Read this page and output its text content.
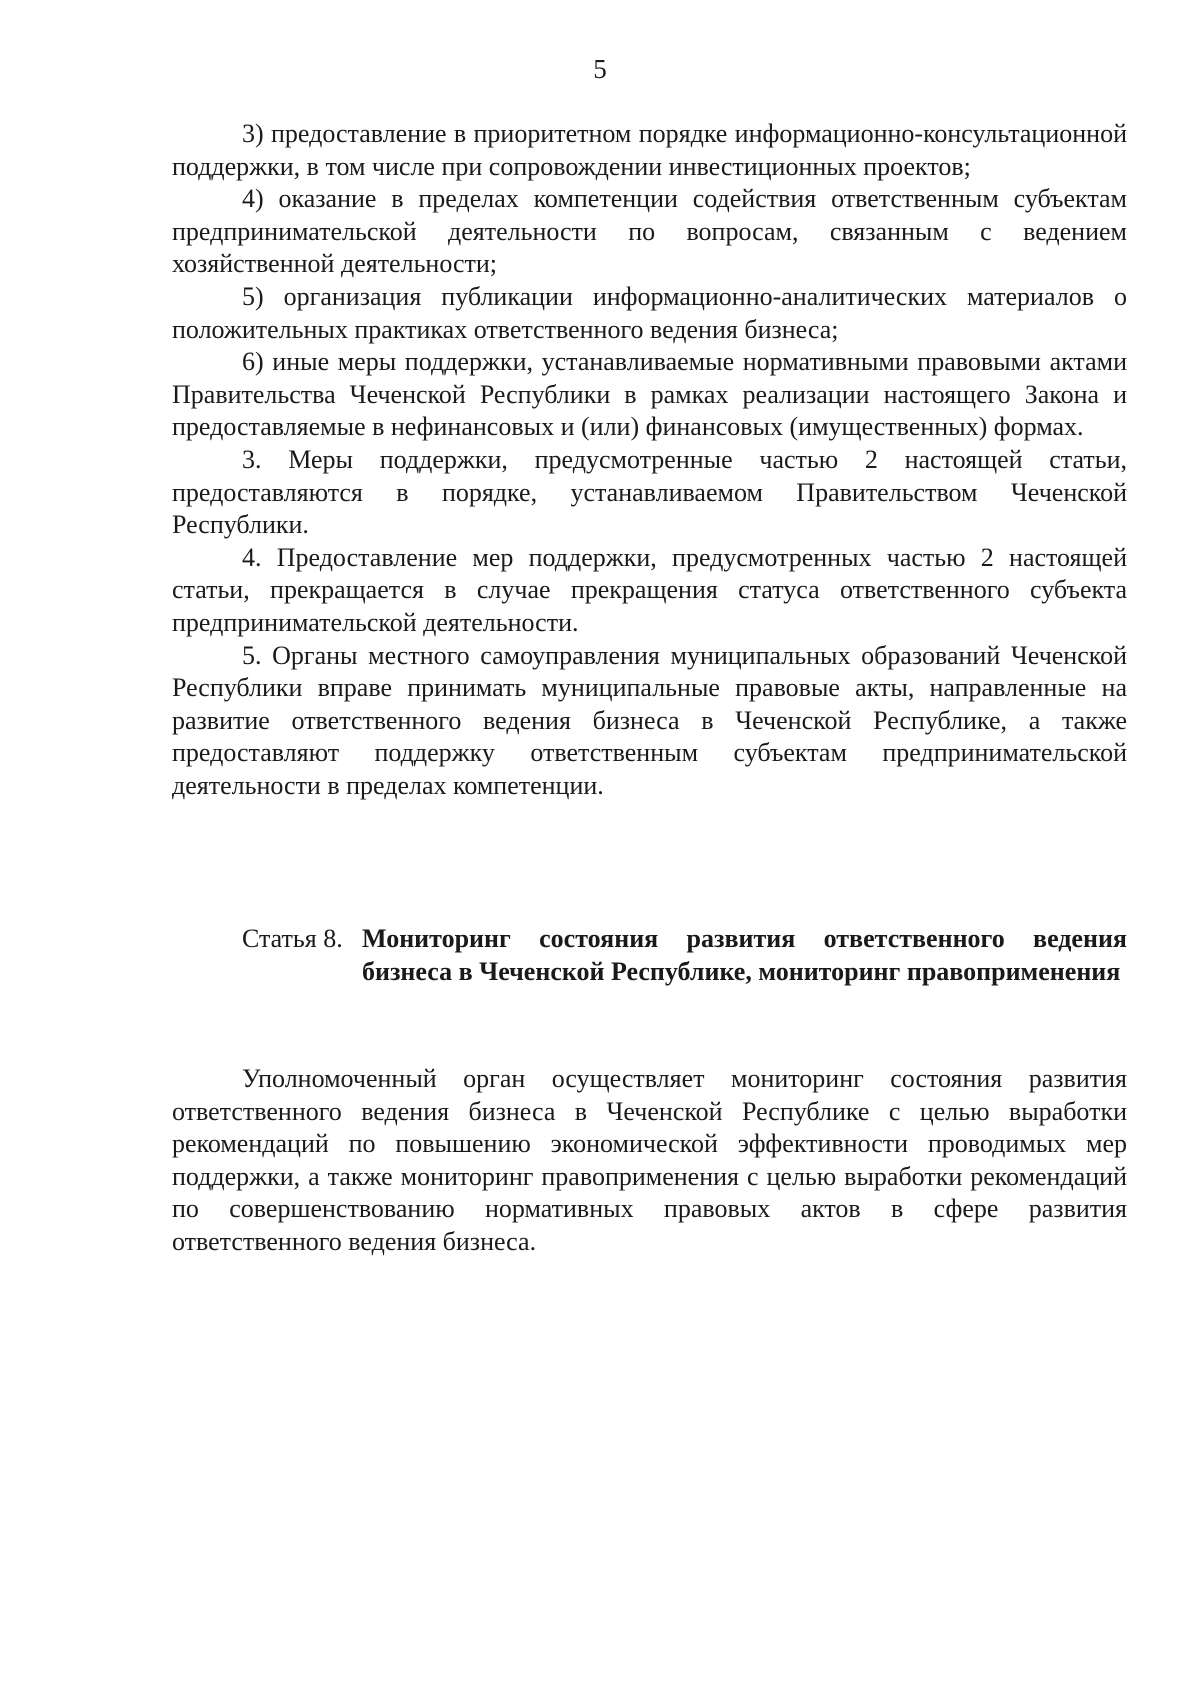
5

3) предоставление в приоритетном порядке информационно-консультационной поддержки, в том числе при сопровождении инвестиционных проектов;

4) оказание в пределах компетенции содействия ответственным субъектам предпринимательской деятельности по вопросам, связанным с ведением хозяйственной деятельности;

5) организация публикации информационно-аналитических материалов о положительных практиках ответственного ведения бизнеса;

6) иные меры поддержки, устанавливаемые нормативными правовыми актами Правительства Чеченской Республики в рамках реализации настоящего Закона и предоставляемые в нефинансовых и (или) финансовых (имущественных) формах.

3. Меры поддержки, предусмотренные частью 2 настоящей статьи, предоставляются в порядке, устанавливаемом Правительством Чеченской Республики.

4. Предоставление мер поддержки, предусмотренных частью 2 настоящей статьи, прекращается в случае прекращения статуса ответственного субъекта предпринимательской деятельности.

5. Органы местного самоуправления муниципальных образований Чеченской Республики вправе принимать муниципальные правовые акты, направленные на развитие ответственного ведения бизнеса в Чеченской Республике, а также предоставляют поддержку ответственным субъектам предпринимательской деятельности в пределах компетенции.

Статья 8. Мониторинг состояния развития ответственного ведения бизнеса в Чеченской Республике, мониторинг правоприменения

Уполномоченный орган осуществляет мониторинг состояния развития ответственного ведения бизнеса в Чеченской Республике с целью выработки рекомендаций по повышению экономической эффективности проводимых мер поддержки, а также мониторинг правоприменения с целью выработки рекомендаций по совершенствованию нормативных правовых актов в сфере развития ответственного ведения бизнеса.
